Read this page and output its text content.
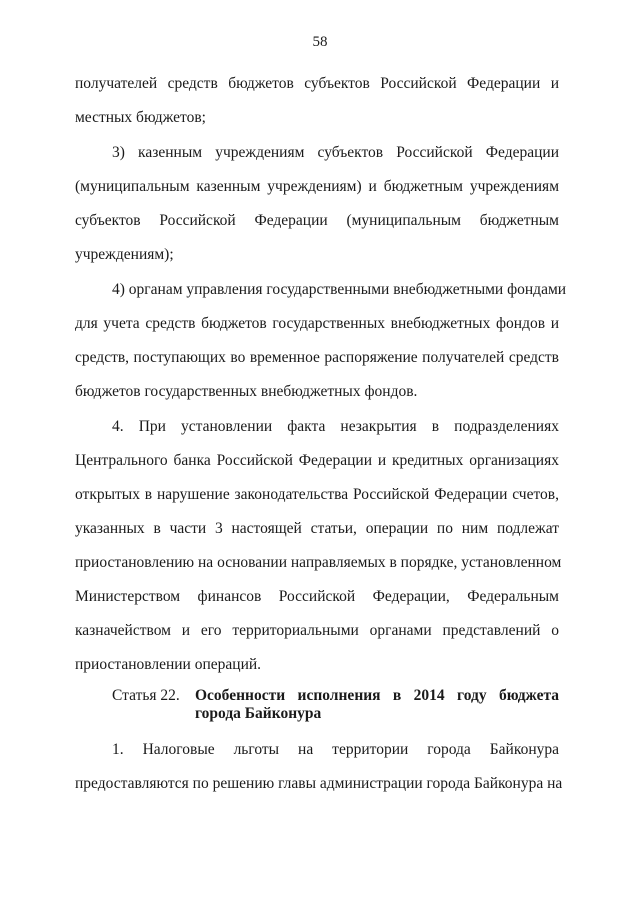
58
получателей средств бюджетов субъектов Российской Федерации и
местных бюджетов;
3) казенным учреждениям субъектов Российской Федерации
(муниципальным казенным учреждениям) и бюджетным учреждениям
субъектов Российской Федерации (муниципальным бюджетным
учреждениям);
4) органам управления государственными внебюджетными фондами
для учета средств бюджетов государственных внебюджетных фондов и
средств, поступающих во временное распоряжение получателей средств
бюджетов государственных внебюджетных фондов.
4. При установлении факта незакрытия в подразделениях
Центрального банка Российской Федерации и кредитных организациях
открытых в нарушение законодательства Российской Федерации счетов,
указанных в части 3 настоящей статьи, операции по ним подлежат
приостановлению на основании направляемых в порядке, установленном
Министерством финансов Российской Федерации, Федеральным
казначейством и его территориальными органами представлений о
приостановлении операций.
Статья 22. Особенности исполнения в 2014 году бюджета
города Байконура
1. Налоговые льготы на территории города Байконура
предоставляются по решению главы администрации города Байконура на
